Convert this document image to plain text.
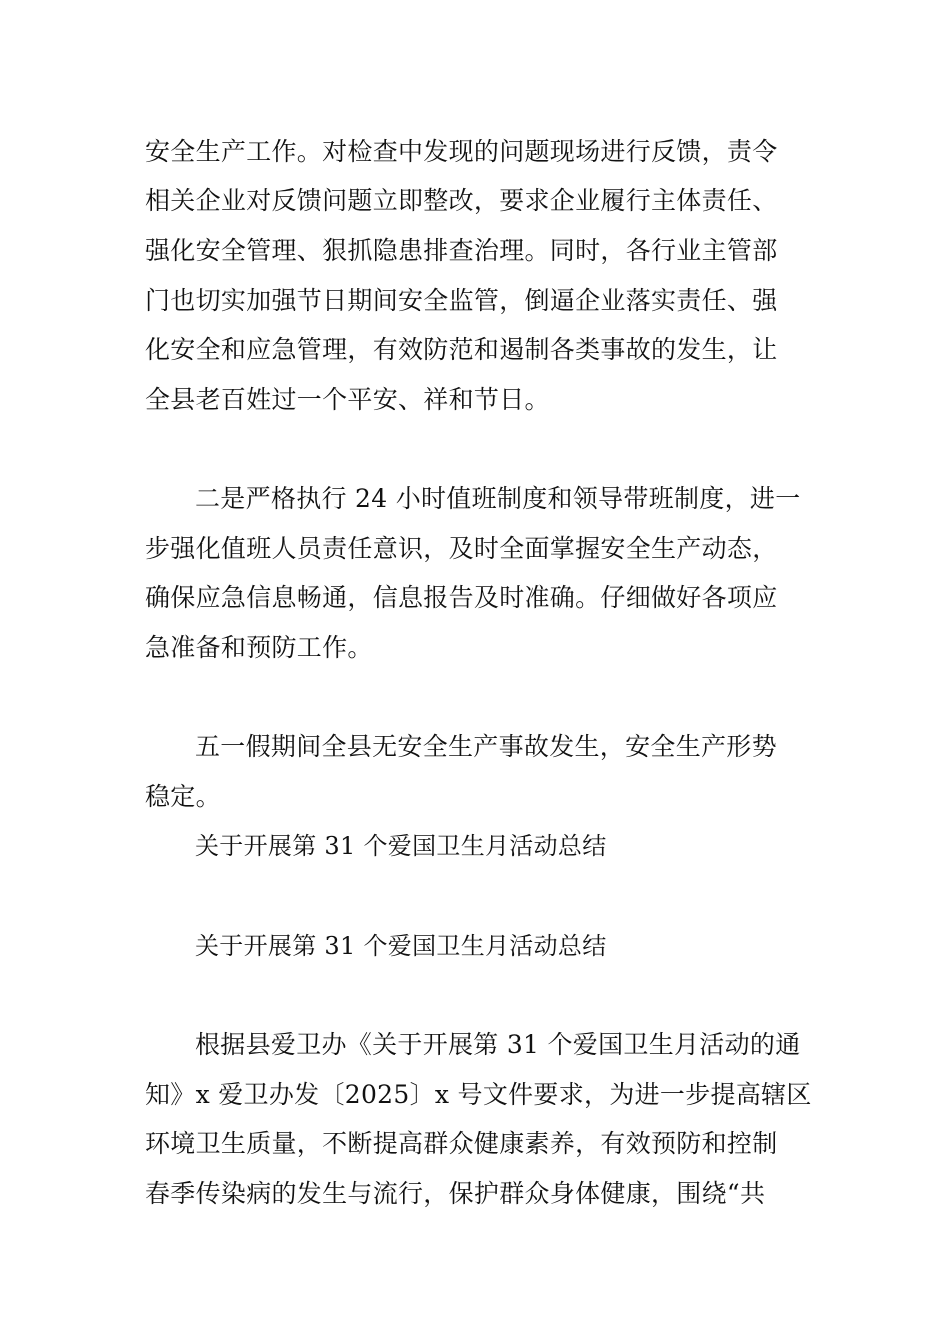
安全生产工作。对检查中发现的问题现场进行反馈，责令
相关企业对反馈问题立即整改，要求企业履行主体责任、
强化安全管理、狠抓隐患排查治理。同时，各行业主管部
门也切实加强节日期间安全监管，倒逼企业落实责任、强
化安全和应急管理，有效防范和遏制各类事故的发生，让
全县老百姓过一个平安、祥和节日。
二是严格执行 24 小时值班制度和领导带班制度，进一
步强化值班人员责任意识，及时全面掌握安全生产动态，
确保应急信息畅通，信息报告及时准确。仔细做好各项应
急准备和预防工作。
五一假期间全县无安全生产事故发生，安全生产形势
稳定。
关于开展第 31 个爱国卫生月活动总结
关于开展第 31 个爱国卫生月活动总结
根据县爱卫办《关于开展第 31 个爱国卫生月活动的通
知》x 爱卫办发〔2025〕x 号文件要求，为进一步提高辖区
环境卫生质量，不断提高群众健康素养，有效预防和控制
春季传染病的发生与流行，保护群众身体健康，围绕“共
